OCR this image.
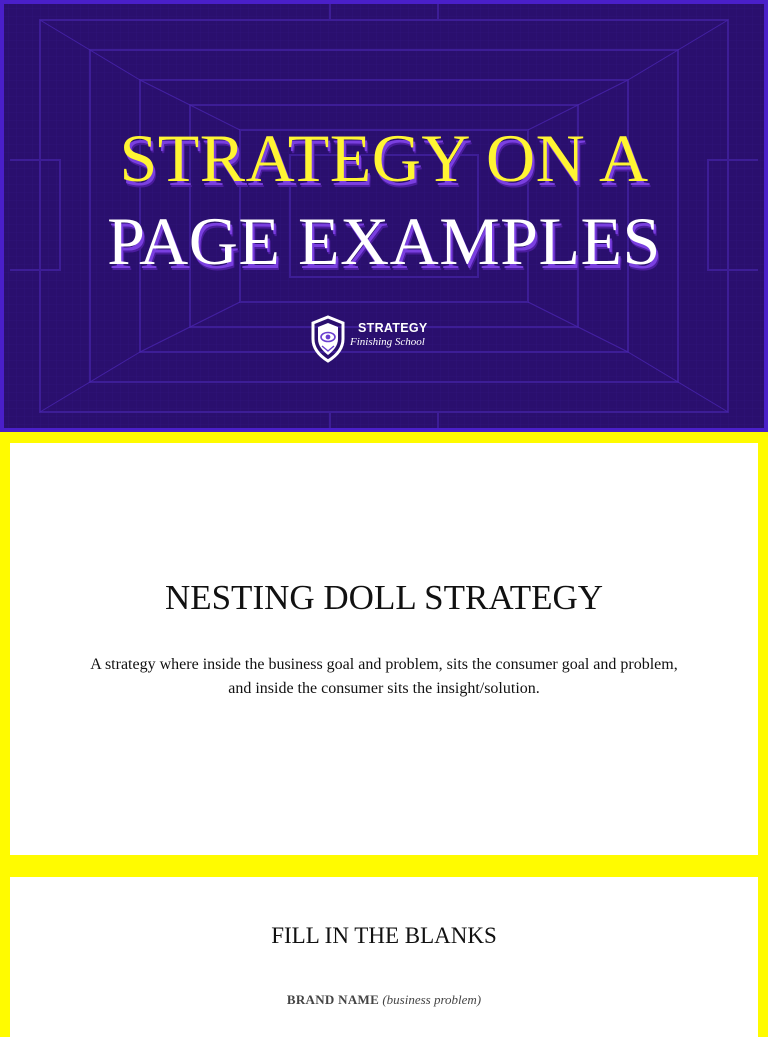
STRATEGY ON A
PAGE EXAMPLES
STRATEGY
Finishing School
NESTING DOLL STRATEGY

A strategy where inside the business goal and problem, sits the consumer goal and problem, and inside the consumer sits the insight/solution.

FILL IN THE BLANKS
BRAND NAME (business problem)
